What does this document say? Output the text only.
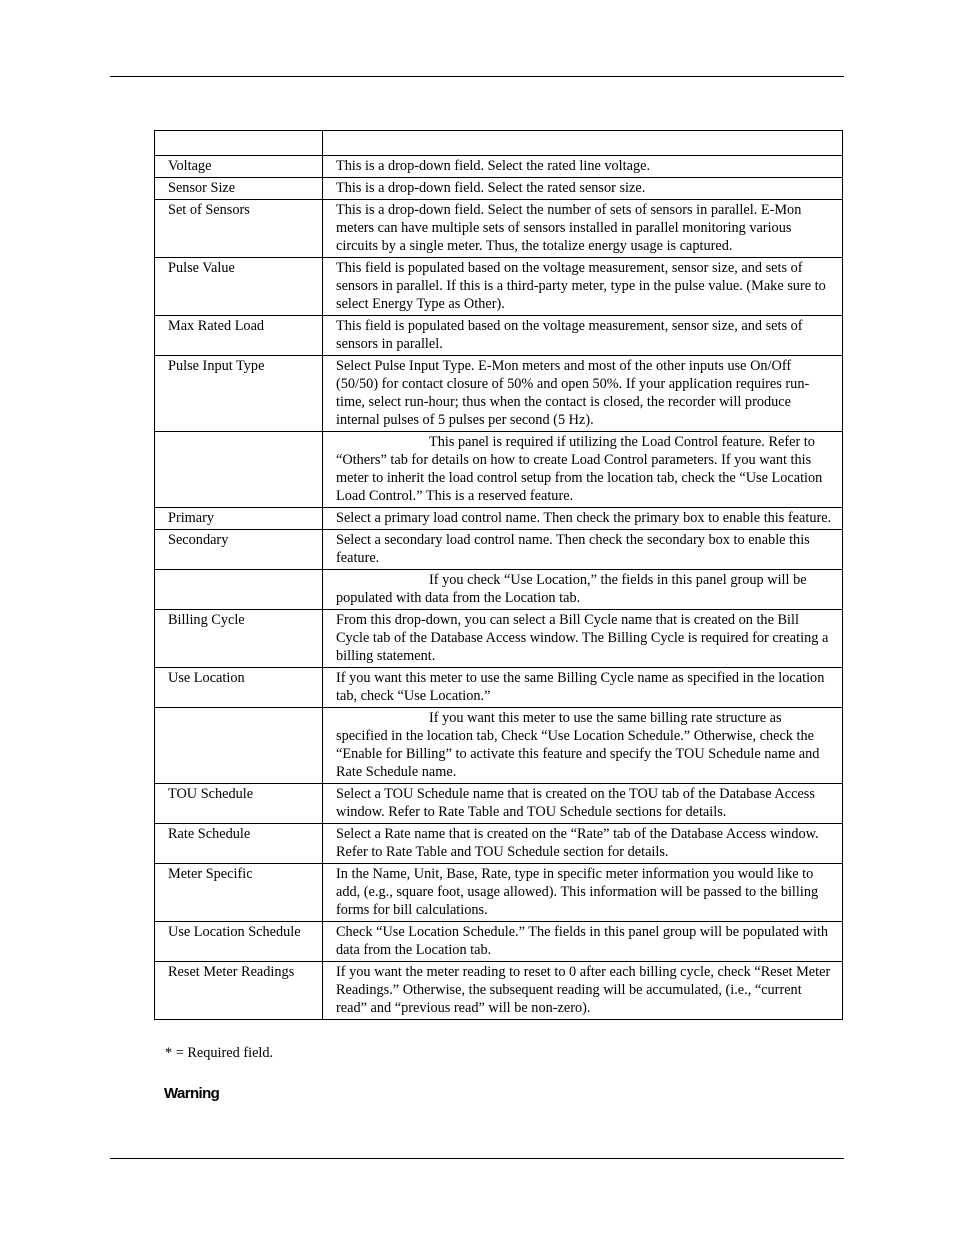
Voltage	This is a drop-down field. Select the rated line voltage.
Sensor Size	This is a drop-down field. Select the rated sensor size.
Set of Sensors	This is a drop-down field. Select the number of sets of sensors in parallel. E-Mon meters can have multiple sets of sensors installed in parallel monitoring various circuits by a single meter. Thus, the totalize energy usage is captured.
Pulse Value	This field is populated based on the voltage measurement, sensor size, and sets of sensors in parallel. If this is a third-party meter, type in the pulse value. (Make sure to select Energy Type as Other).
Max Rated Load	This field is populated based on the voltage measurement, sensor size, and sets of sensors in parallel.
Pulse Input Type	Select Pulse Input Type. E-Mon meters and most of the other inputs use On/Off (50/50) for contact closure of 50% and open 50%. If your application requires run-time, select run-hour; thus when the contact is closed, the recorder will produce internal pulses of 5 pulses per second (5 Hz).
	This panel is required if utilizing the Load Control feature. Refer to “Others” tab for details on how to create Load Control parameters. If you want this meter to inherit the load control setup from the location tab, check the “Use Location Load Control.” This is a reserved feature.
Primary	Select a primary load control name. Then check the primary box to enable this feature.
Secondary	Select a secondary load control name. Then check the secondary box to enable this feature.
	If you check “Use Location,” the fields in this panel group will be populated with data from the Location tab.
Billing Cycle	From this drop-down, you can select a Bill Cycle name that is created on the Bill Cycle tab of the Database Access window. The Billing Cycle is required for creating a billing statement.
Use Location	If you want this meter to use the same Billing Cycle name as specified in the location tab, check “Use Location.”
	If you want this meter to use the same billing rate structure as specified in the location tab, Check “Use Location Schedule.” Otherwise, check the “Enable for Billing” to activate this feature and specify the TOU Schedule name and Rate Schedule name.
TOU Schedule	Select a TOU Schedule name that is created on the TOU tab of the Database Access window. Refer to Rate Table and TOU Schedule sections for details.
Rate Schedule	Select a Rate name that is created on the “Rate” tab of the Database Access window. Refer to Rate Table and TOU Schedule section for details.
Meter Specific	In the Name, Unit, Base, Rate, type in specific meter information you would like to add, (e.g., square foot, usage allowed). This information will be passed to the billing forms for bill calculations.
Use Location Schedule	Check “Use Location Schedule.” The fields in this panel group will be populated with data from the Location tab.
Reset Meter Readings	If you want the meter reading to reset to 0 after each billing cycle, check “Reset Meter Readings.” Otherwise, the subsequent reading will be accumulated, (i.e., “current read” and “previous read” will be non-zero).
* = Required field.
Warning
